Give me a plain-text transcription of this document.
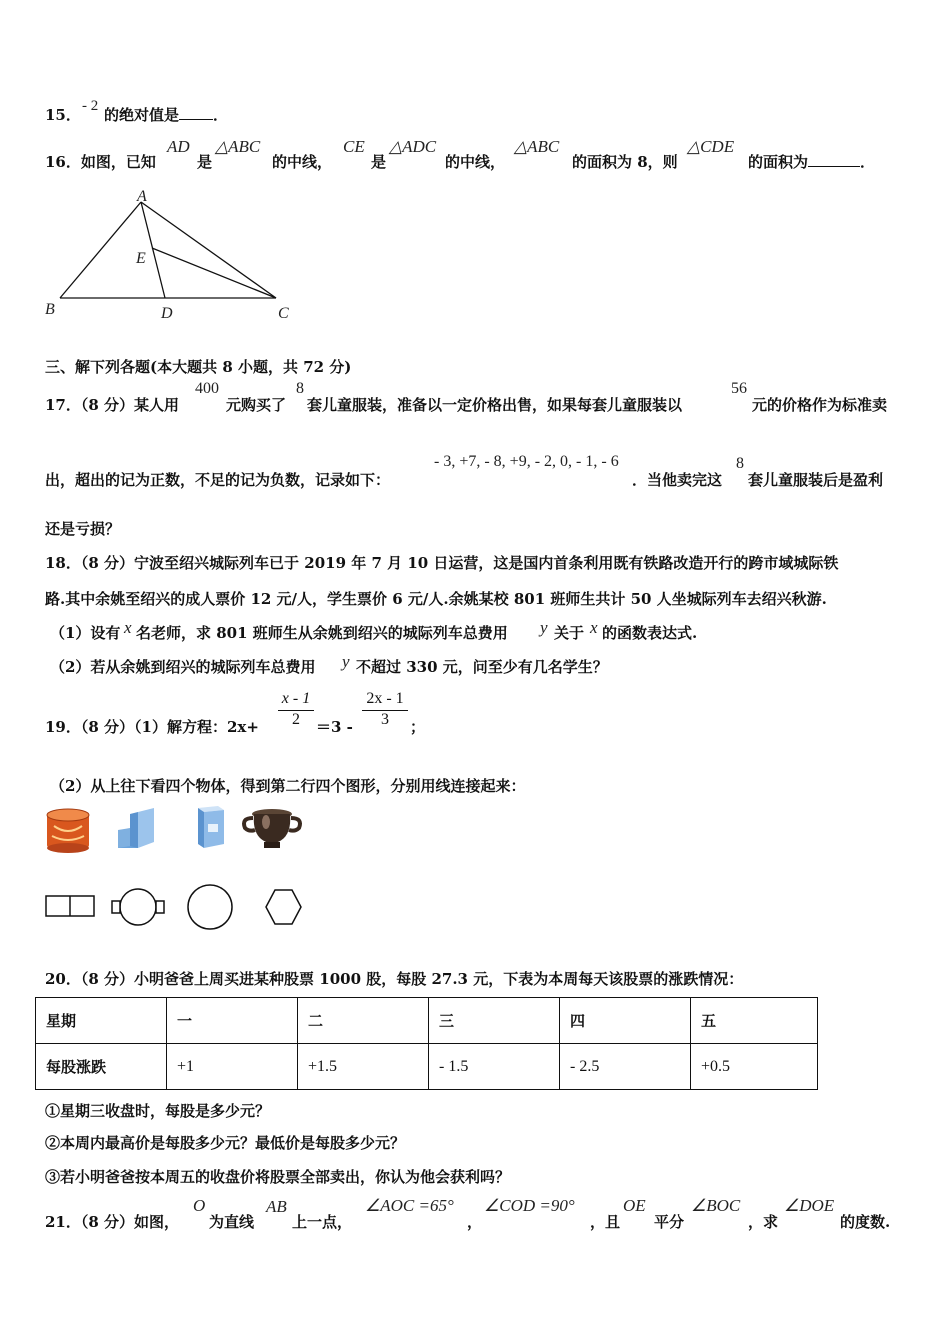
15． - 2 的绝对值是 ．
16．如图，已知
AD
是
△ABC
的中线，
CE
是
△ADC
的中线，
△ABC
的面积为 8，则
△CDE
的面积为	．
A
B	C
D
E
三、解下列各题(本大题共 8 小题，共 72 分)
17．（8 分）某人用
400
元购买了
8
套儿童服装，准备以一定价格出售，如果每套儿童服装以
56
元的价格作为标准卖
出，超出的记为正数，不足的记为负数，记录如下：
- 3, +7, - 8, +9, - 2, 0, - 1, - 6
．当他卖完这
8
套儿童服装后是盈利
还是亏损？
18．（8 分）宁波至绍兴城际列车已于 2019 年 7 月 10 日运营，这是国内首条利用既有铁路改造开行的跨市域城际铁
路.其中余姚至绍兴的成人票价 12 元/人，学生票价 6 元/人.余姚某校 801 班师生共计 50 人坐城际列车去绍兴秋游.
（1）设有 x 名老师，求 801 班师生从余姚到绍兴的城际列车总费用 y 关于 x 的函数表达式.
（2）若从余姚到绍兴的城际列车总费用 y 不超过 330 元，问至少有几名学生？
19．（8 分）（1）解方程：2x+
x - 1
2	$=3 - \frac{2x - 1}{3}$ ；
（2）从上往下看四个物体，得到第二行四个图形，分别用线连接起来：
20．（8 分）小明爸爸上周买进某种股票 1000 股，每股 27.3 元，下表为本周每天该股票的涨跌情况：
星期	一	二	三	四	五
每股涨跌	+1	+1.5	- 1.5	- 2.5	+0.5
①星期三收盘时，每股是多少元？
②本周内最高价是每股多少元？最低价是每股多少元？
③若小明爸爸按本周五的收盘价将股票全部卖出，你认为他会获利吗？
21．（8 分）如图，
O
为直线
AB
上一点，
∠AOC =65°
，
∠COD =90°
，且
OE
平分
∠BOC
，求
∠DOE
的度数.
